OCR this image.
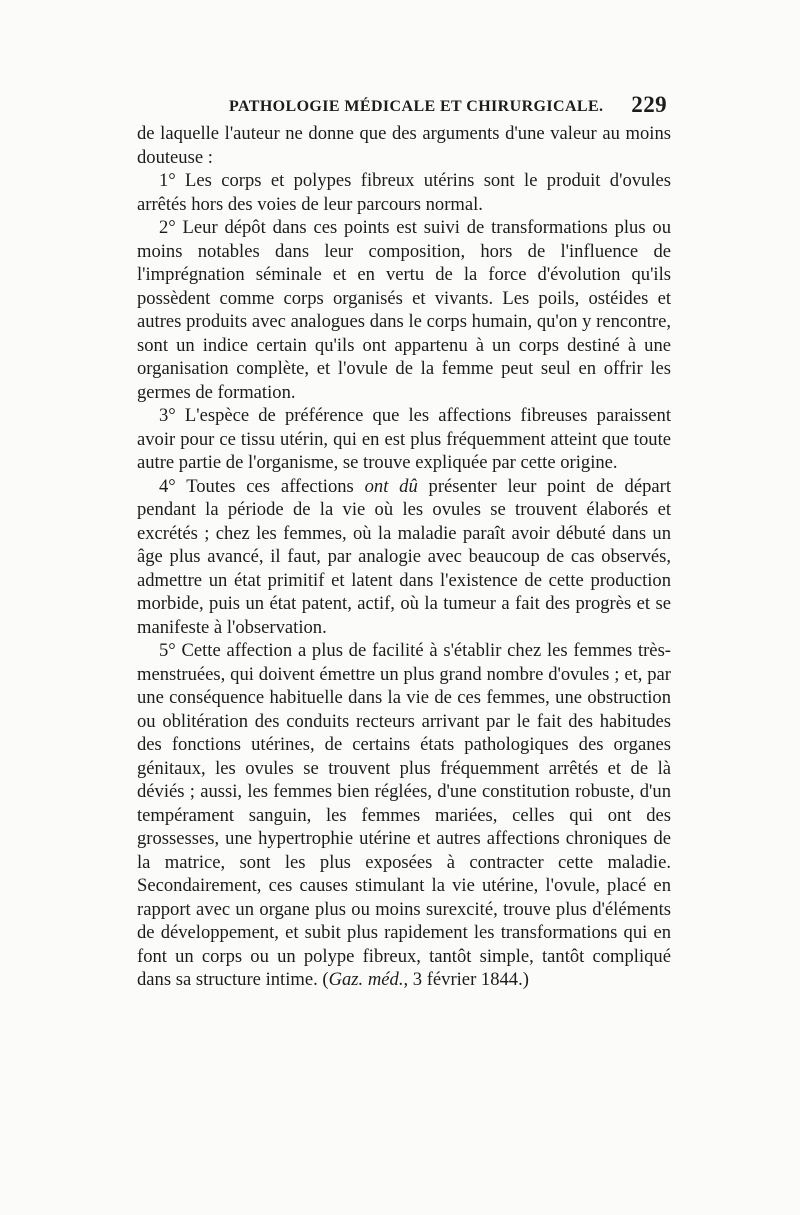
PATHOLOGIE MÉDICALE ET CHIRURGICALE. 229

de laquelle l'auteur ne donne que des arguments d'une valeur au moins douteuse :

1° Les corps et polypes fibreux utérins sont le produit d'ovules arrêtés hors des voies de leur parcours normal.

2° Leur dépôt dans ces points est suivi de transformations plus ou moins notables dans leur composition, hors de l'influence de l'imprégnation séminale et en vertu de la force d'évolution qu'ils possèdent comme corps organisés et vivants. Les poils, ostéides et autres produits avec analogues dans le corps humain, qu'on y rencontre, sont un indice certain qu'ils ont appartenu à un corps destiné à une organisation complète, et l'ovule de la femme peut seul en offrir les germes de formation.

3° L'espèce de préférence que les affections fibreuses paraissent avoir pour ce tissu utérin, qui en est plus fréquemment atteint que toute autre partie de l'organisme, se trouve expliquée par cette origine.

4° Toutes ces affections ont dû présenter leur point de départ pendant la période de la vie où les ovules se trouvent élaborés et excrétés ; chez les femmes, où la maladie paraît avoir débuté dans un âge plus avancé, il faut, par analogie avec beaucoup de cas observés, admettre un état primitif et latent dans l'existence de cette production morbide, puis un état patent, actif, où la tumeur a fait des progrès et se manifeste à l'observation.

5° Cette affection a plus de facilité à s'établir chez les femmes très-menstruées, qui doivent émettre un plus grand nombre d'ovules ; et, par une conséquence habituelle dans la vie de ces femmes, une obstruction ou oblitération des conduits recteurs arrivant par le fait des habitudes des fonctions utérines, de certains états pathologiques des organes génitaux, les ovules se trouvent plus fréquemment arrêtés et de là déviés ; aussi, les femmes bien réglées, d'une constitution robuste, d'un tempérament sanguin, les femmes mariées, celles qui ont des grossesses, une hypertrophie utérine et autres affections chroniques de la matrice, sont les plus exposées à contracter cette maladie. Secondairement, ces causes stimulant la vie utérine, l'ovule, placé en rapport avec un organe plus ou moins surexcité, trouve plus d'éléments de développement, et subit plus rapidement les transformations qui en font un corps ou un polype fibreux, tantôt simple, tantôt compliqué dans sa structure intime. (Gaz. méd., 3 février 1844.)
